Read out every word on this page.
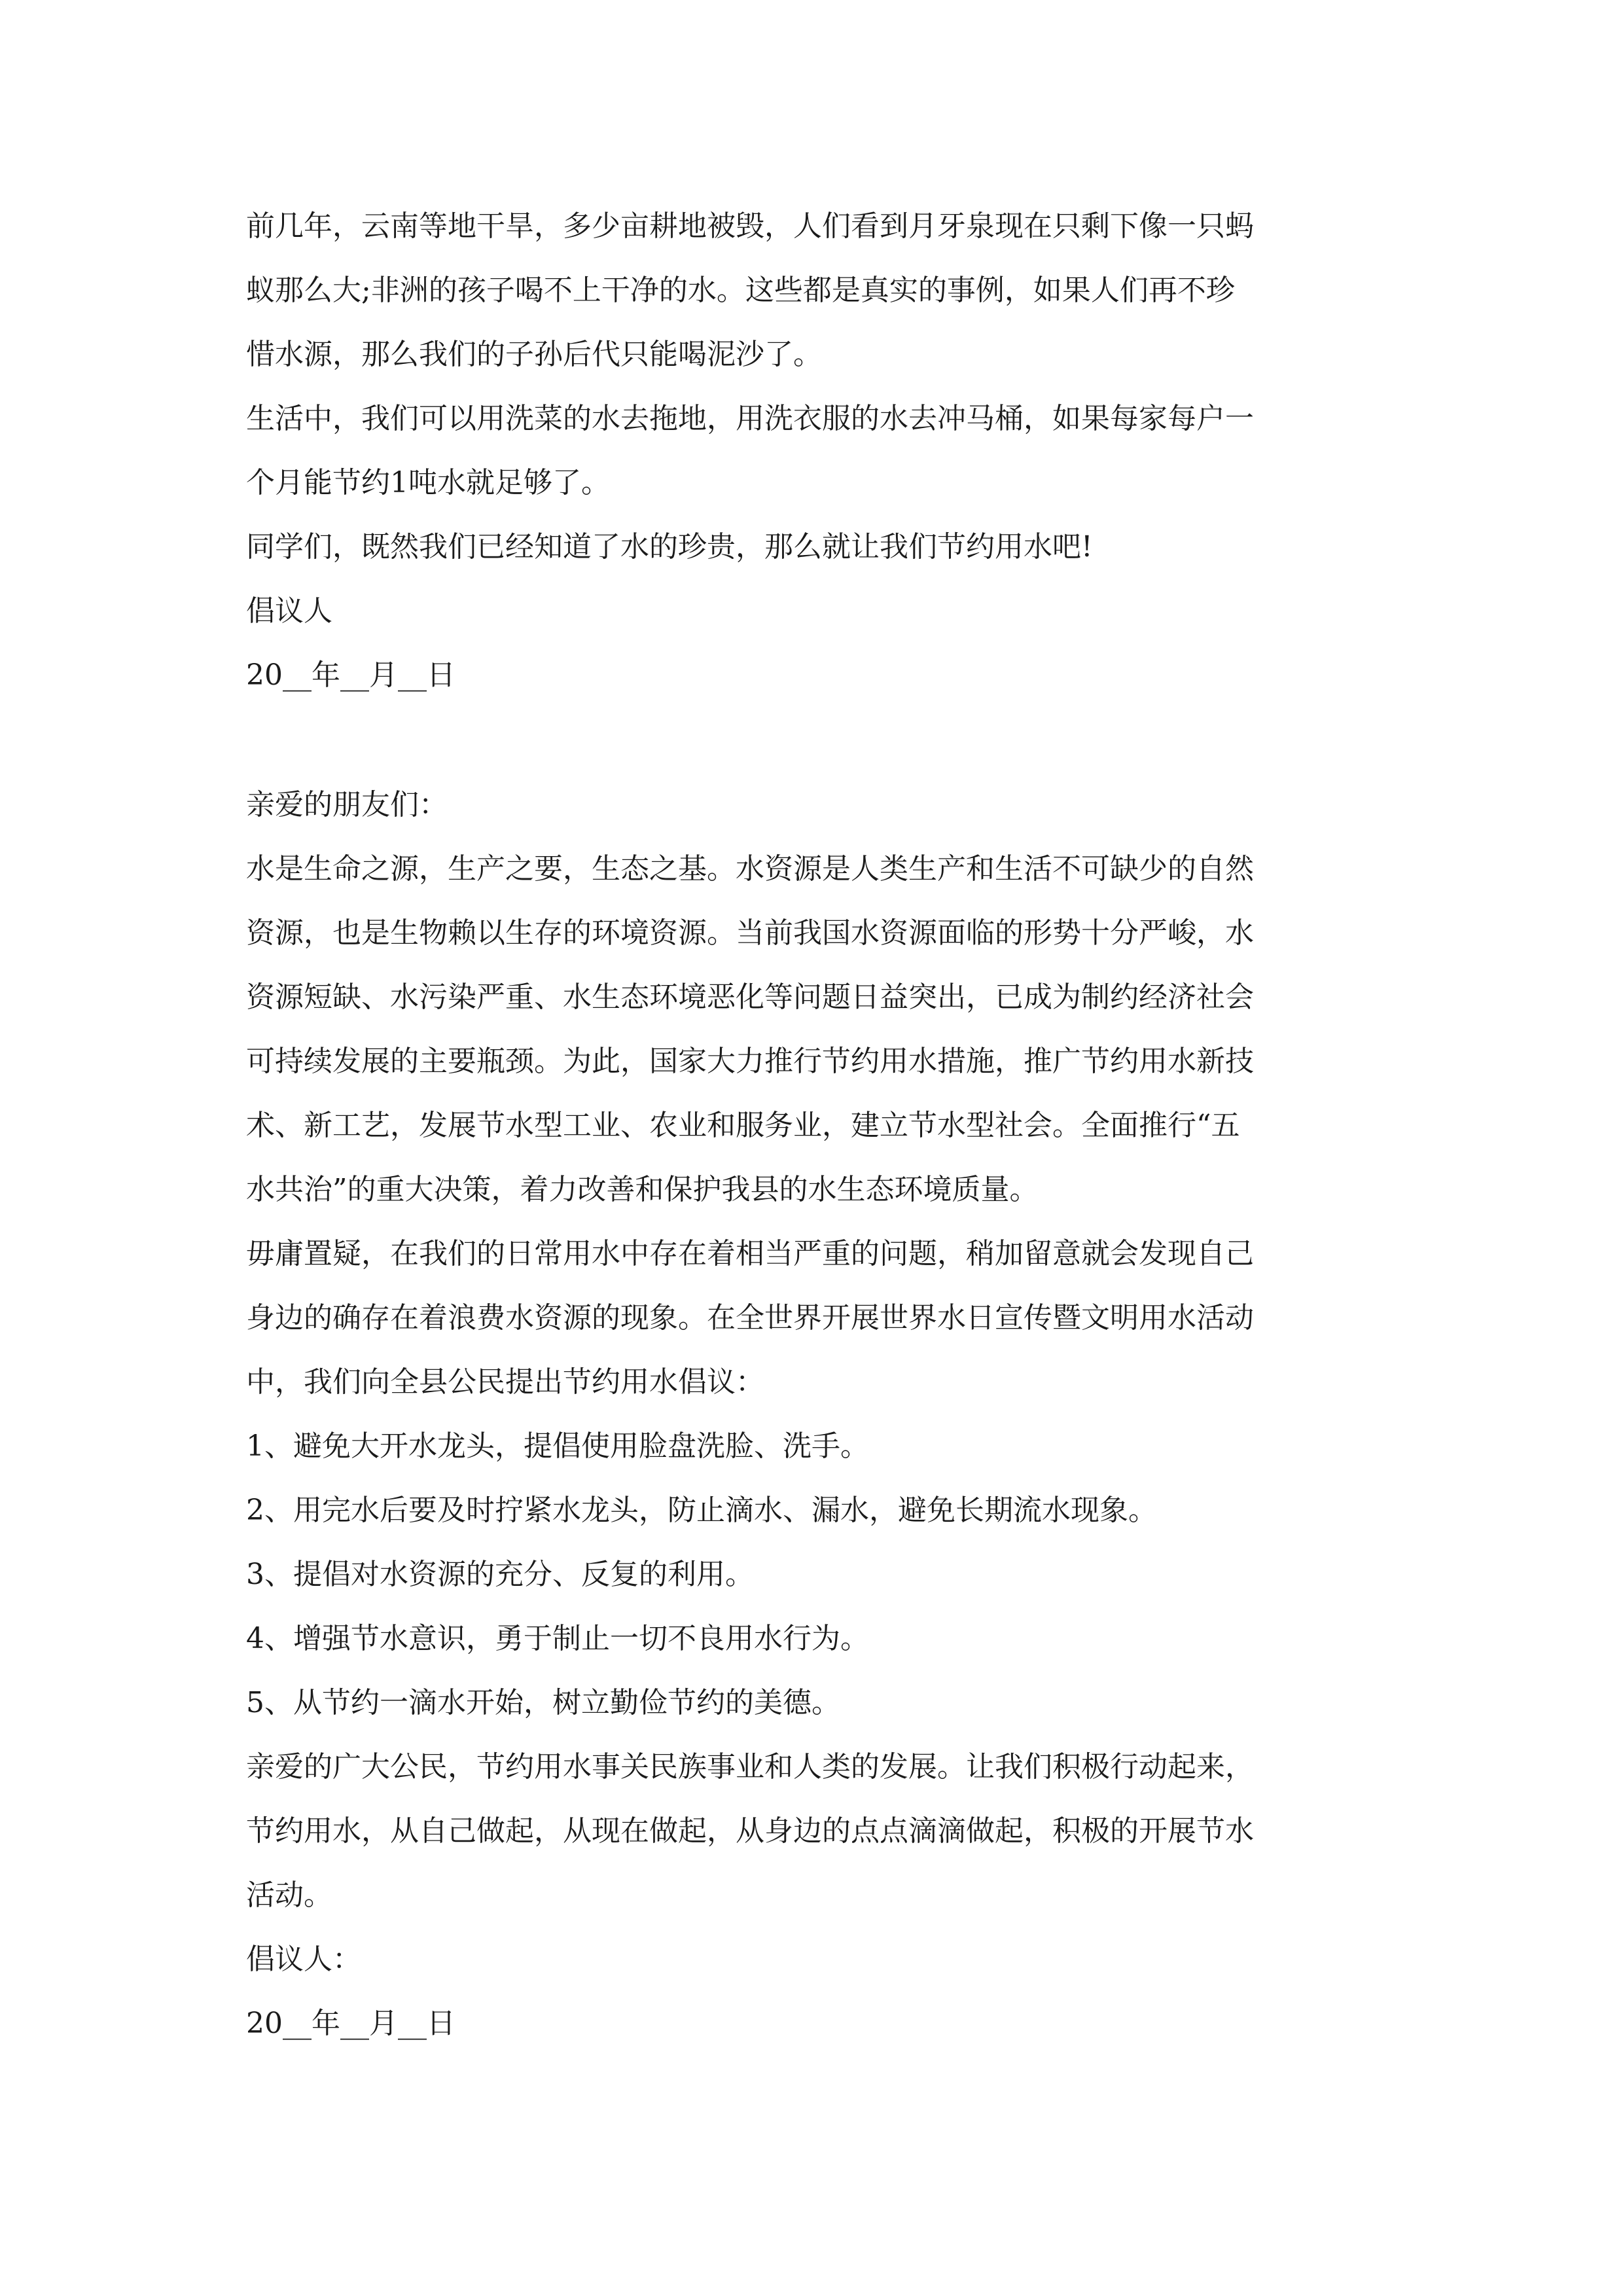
前几年，云南等地干旱，多少亩耕地被毁，人们看到月牙泉现在只剩下像一只蚂
蚁那么大;非洲的孩子喝不上干净的水。这些都是真实的事例，如果人们再不珍
惜水源，那么我们的子孙后代只能喝泥沙了。
生活中，我们可以用洗菜的水去拖地，用洗衣服的水去冲马桶，如果每家每户一
个月能节约1吨水就足够了。
同学们，既然我们已经知道了水的珍贵，那么就让我们节约用水吧!
倡议人
20__年__月__日
亲爱的朋友们：
水是生命之源，生产之要，生态之基。水资源是人类生产和生活不可缺少的自然
资源，也是生物赖以生存的环境资源。当前我国水资源面临的形势十分严峻，水
资源短缺、水污染严重、水生态环境恶化等问题日益突出，已成为制约经济社会
可持续发展的主要瓶颈。为此，国家大力推行节约用水措施，推广节约用水新技
术、新工艺，发展节水型工业、农业和服务业，建立节水型社会。全面推行“五
水共治”的重大决策，着力改善和保护我县的水生态环境质量。
毋庸置疑，在我们的日常用水中存在着相当严重的问题，稍加留意就会发现自己
身边的确存在着浪费水资源的现象。在全世界开展世界水日宣传暨文明用水活动
中，我们向全县公民提出节约用水倡议：
1、避免大开水龙头，提倡使用脸盘洗脸、洗手。
2、用完水后要及时拧紧水龙头，防止滴水、漏水，避免长期流水现象。
3、提倡对水资源的充分、反复的利用。
4、增强节水意识，勇于制止一切不良用水行为。
5、从节约一滴水开始，树立勤俭节约的美德。
亲爱的广大公民，节约用水事关民族事业和人类的发展。让我们积极行动起来，
节约用水，从自己做起，从现在做起，从身边的点点滴滴做起，积极的开展节水
活动。
倡议人：
20__年__月__日
